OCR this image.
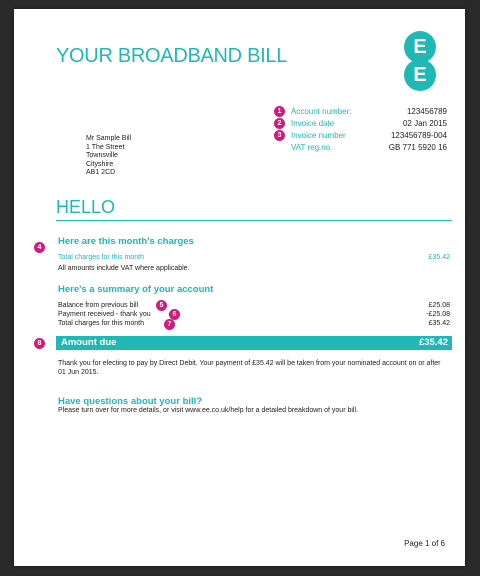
YOUR BROADBAND BILL	E
E
1	Account number:	123456789
2	Invoice date	02 Jan 2015
3	Invoice number	123456789-004
VAT reg.no.	GB 771 5920 16
Mr Sample Bill
1 The Street
Townsville
Cityshire
AB1 2CD
HELLO
4
Here are this month's charges
Total charges for this month	£35.42
All amounts include VAT where applicable.
Here's a summary of your account
Balance from previous bill	5	£25.08
Payment received - thank you	6	-£25.08
Total charges for this month	7	£35.42
8	Amount due	£35.42
Thank you for electing to pay by Direct Debit. Your payment of £35.42 will be taken from your nominated account on or after 01 Jun 2015.
Have questions about your bill?
Please turn over for more details, or visit www.ee.co.uk/help for a detailed breakdown of your bill.
Page 1 of 6
